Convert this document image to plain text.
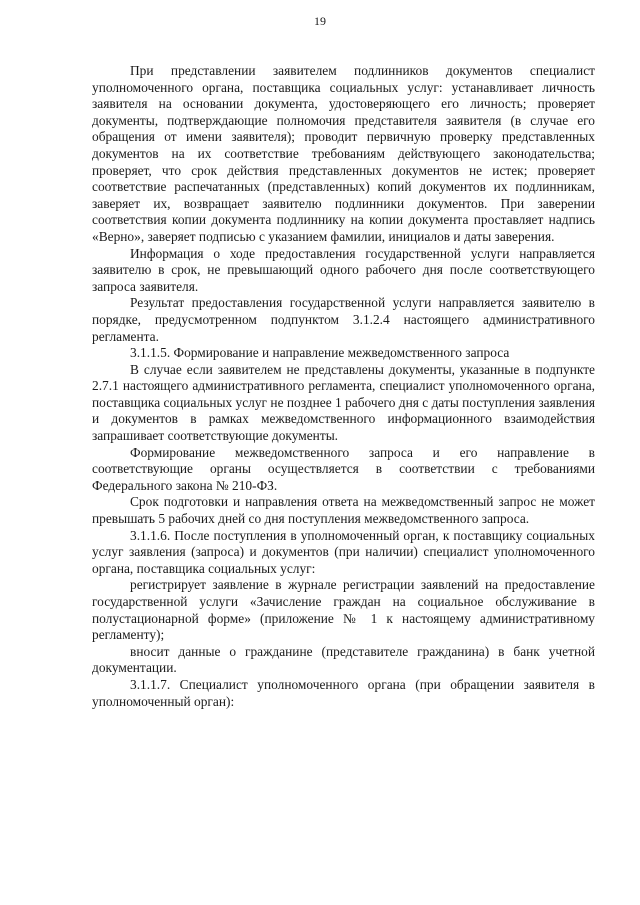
19

При представлении заявителем подлинников документов специалист уполномоченного органа, поставщика социальных услуг: устанавливает личность заявителя на основании документа, удостоверяющего его личность; проверяет документы, подтверждающие полномочия представителя заявителя (в случае его обращения от имени заявителя); проводит первичную проверку представленных документов на их соответствие требованиям действующего законодательства; проверяет, что срок действия представленных документов не истек; проверяет соответствие распечатанных (представленных) копий документов их подлинникам, заверяет их, возвращает заявителю подлинники документов. При заверении соответствия копии документа подлиннику на копии документа проставляет надпись «Верно», заверяет подписью с указанием фамилии, инициалов и даты заверения.

Информация о ходе предоставления государственной услуги направляется заявителю в срок, не превышающий одного рабочего дня после соответствующего запроса заявителя.

Результат предоставления государственной услуги направляется заявителю в порядке, предусмотренном подпунктом 3.1.2.4 настоящего административного регламента.

3.1.1.5. Формирование и направление межведомственного запроса

В случае если заявителем не представлены документы, указанные в подпункте 2.7.1 настоящего административного регламента, специалист уполномоченного органа, поставщика социальных услуг не позднее 1 рабочего дня с даты поступления заявления и документов в рамках межведомственного информационного взаимодействия запрашивает соответствующие документы.

Формирование межведомственного запроса и его направление в соответствующие органы осуществляется в соответствии с требованиями Федерального закона № 210-ФЗ.

Срок подготовки и направления ответа на межведомственный запрос не может превышать 5 рабочих дней со дня поступления межведомственного запроса.

3.1.1.6. После поступления в уполномоченный орган, к поставщику социальных услуг заявления (запроса) и документов (при наличии) специалист уполномоченного органа, поставщика социальных услуг:

регистрирует заявление в журнале регистрации заявлений на предоставление государственной услуги «Зачисление граждан на социальное обслуживание в полустационарной форме» (приложение № 1 к настоящему административному регламенту);

вносит данные о гражданине (представителе гражданина) в банк учетной документации.

3.1.1.7. Специалист уполномоченного органа (при обращении заявителя в уполномоченный орган):
